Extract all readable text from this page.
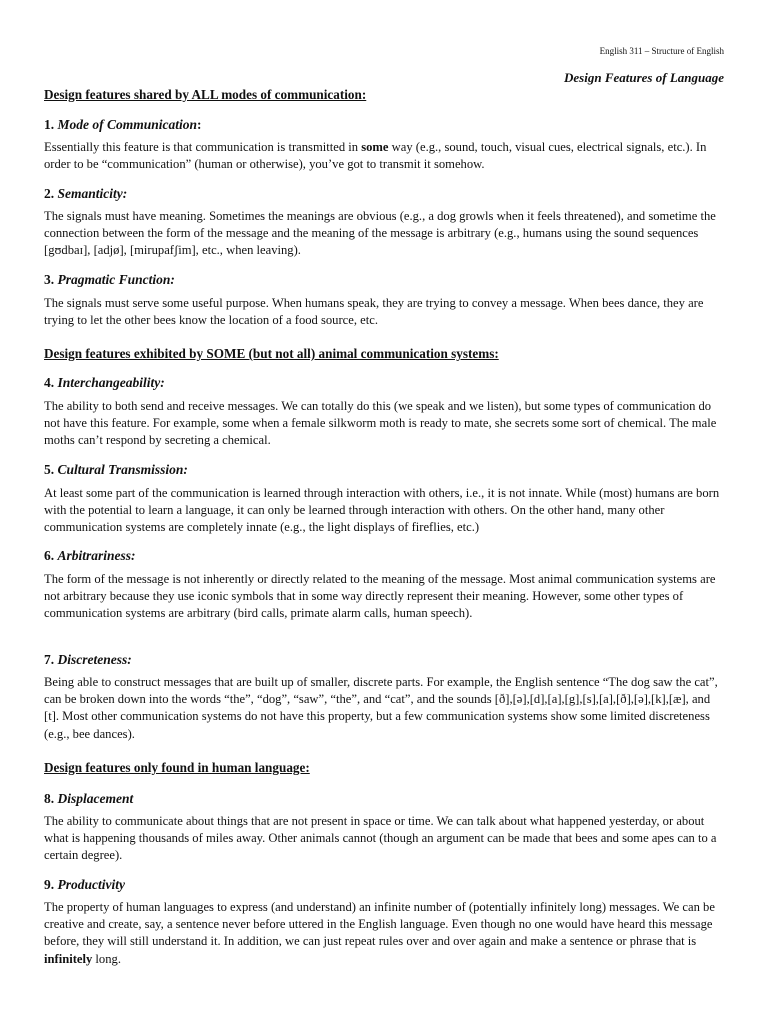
English 311 – Structure of English
Design Features of Language
Design features shared by ALL modes of communication:
1. Mode of Communication:
Essentially this feature is that communication is transmitted in some way (e.g., sound, touch, visual cues, electrical signals, etc.). In order to be “communication” (human or otherwise), you’ve got to transmit it somehow.
2. Semanticity:
The signals must have meaning. Sometimes the meanings are obvious (e.g., a dog growls when it feels threatened), and sometime the connection between the form of the message and the meaning of the message is arbitrary (e.g., humans using the sound sequences [gʊdbaɪ], [adjø], [mirupafʃim], etc., when leaving).
3. Pragmatic Function:
The signals must serve some useful purpose. When humans speak, they are trying to convey a message. When bees dance, they are trying to let the other bees know the location of a food source, etc.
Design features exhibited by SOME (but not all) animal communication systems:
4. Interchangeability:
The ability to both send and receive messages. We can totally do this (we speak and we listen), but some types of communication do not have this feature. For example, some when a female silkworm moth is ready to mate, she secrets some sort of chemical. The male moths can’t respond by secreting a chemical.
5. Cultural Transmission:
At least some part of the communication is learned through interaction with others, i.e., it is not innate. While (most) humans are born with the potential to learn a language, it can only be learned through interaction with others. On the other hand, many other communication systems are completely innate (e.g., the light displays of fireflies, etc.)
6. Arbitrariness:
The form of the message is not inherently or directly related to the meaning of the message. Most animal communication systems are not arbitrary because they use iconic symbols that in some way directly represent their meaning. However, some other types of communication systems are arbitrary (bird calls, primate alarm calls, human speech).
7. Discreteness:
Being able to construct messages that are built up of smaller, discrete parts. For example, the English sentence “The dog saw the cat”, can be broken down into the words “the”, “dog”, “saw”, “the”, and “cat”, and the sounds [ð],[ə],[d],[a],[g],[s],[a],[ð],[ə],[k],[æ], and [t]. Most other communication systems do not have this property, but a few communication systems show some limited discreteness (e.g., bee dances).
Design features only found in human language:
8. Displacement
The ability to communicate about things that are not present in space or time. We can talk about what happened yesterday, or about what is happening thousands of miles away. Other animals cannot (though an argument can be made that bees and some apes can to a certain degree).
9. Productivity
The property of human languages to express (and understand) an infinite number of (potentially infinitely long) messages. We can be creative and create, say, a sentence never before uttered in the English language. Even though no one would have heard this message before, they will still understand it. In addition, we can just repeat rules over and over again and make a sentence or phrase that is infinitely long.
